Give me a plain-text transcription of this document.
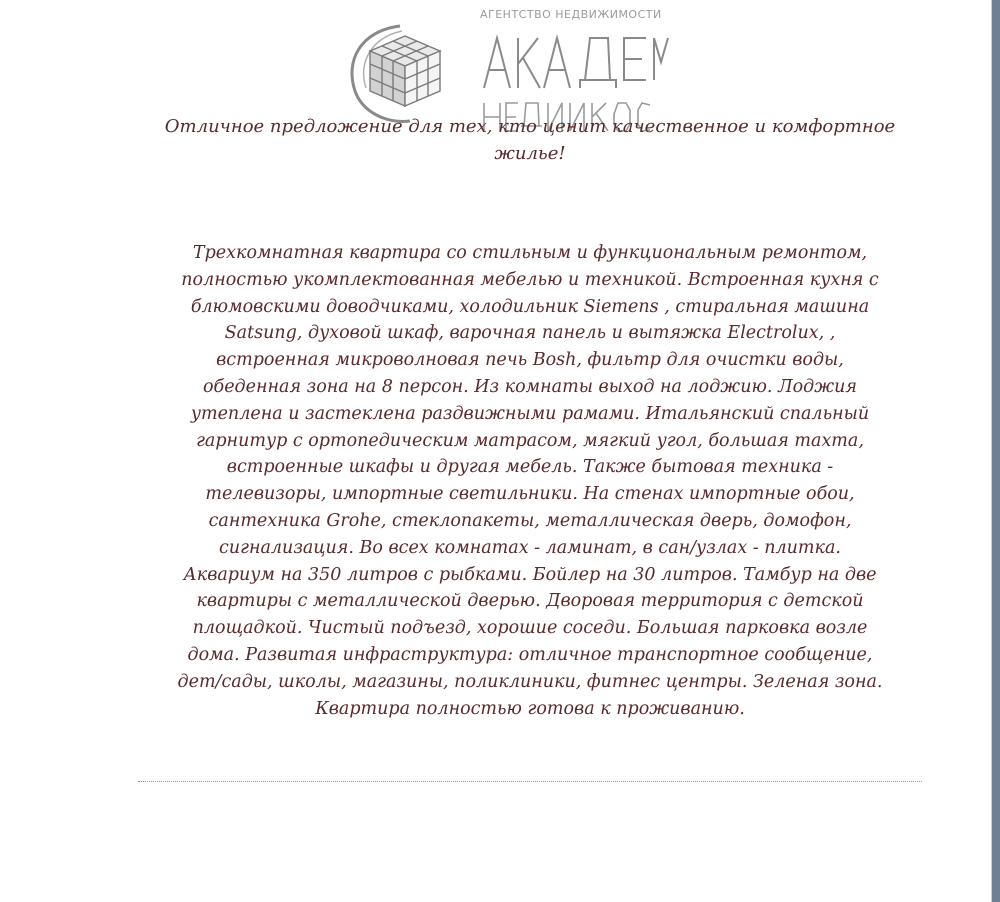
АГЕНТСТВО НЕДВИЖИМОСТИ

Отличное предложение для тех, кто ценит качественное и комфортное
жилье!

Трехкомнатная квартира со стильным и функциональным ремонтом,
полностью укомплектованная мебелью и техникой. Встроенная кухня с
блюмовскими доводчиками, холодильник Siemens , стиральная машина
Satsung, духовой шкаф, варочная панель и вытяжка Electrolux, ,
встроенная микроволновая печь Bosh, фильтр для очистки воды,
обеденная зона на 8 персон. Из комнаты выход на лоджию. Лоджия
утеплена и застеклена раздвижными рамами. Итальянский спальный
гарнитур с ортопедическим матрасом, мягкий угол, большая тахта,
встроенные шкафы и другая мебель. Также бытовая техника -
телевизоры, импортные светильники. На стенах импортные обои,
сантехника Grohe, стеклопакеты, металлическая дверь, домофон,
сигнализация. Во всех комнатах - ламинат, в сан/узлах - плитка.
Аквариум на 350 литров с рыбками. Бойлер на 30 литров. Тамбур на две
квартиры с металлической дверью. Дворовая территория с детской
площадкой. Чистый подъезд, хорошие соседи. Большая парковка возле
дома. Развитая инфраструктура: отличное транспортное сообщение,
дет/сады, школы, магазины, поликлиники, фитнес центры. Зеленая зона.
Квартира полностью готова к проживанию.
